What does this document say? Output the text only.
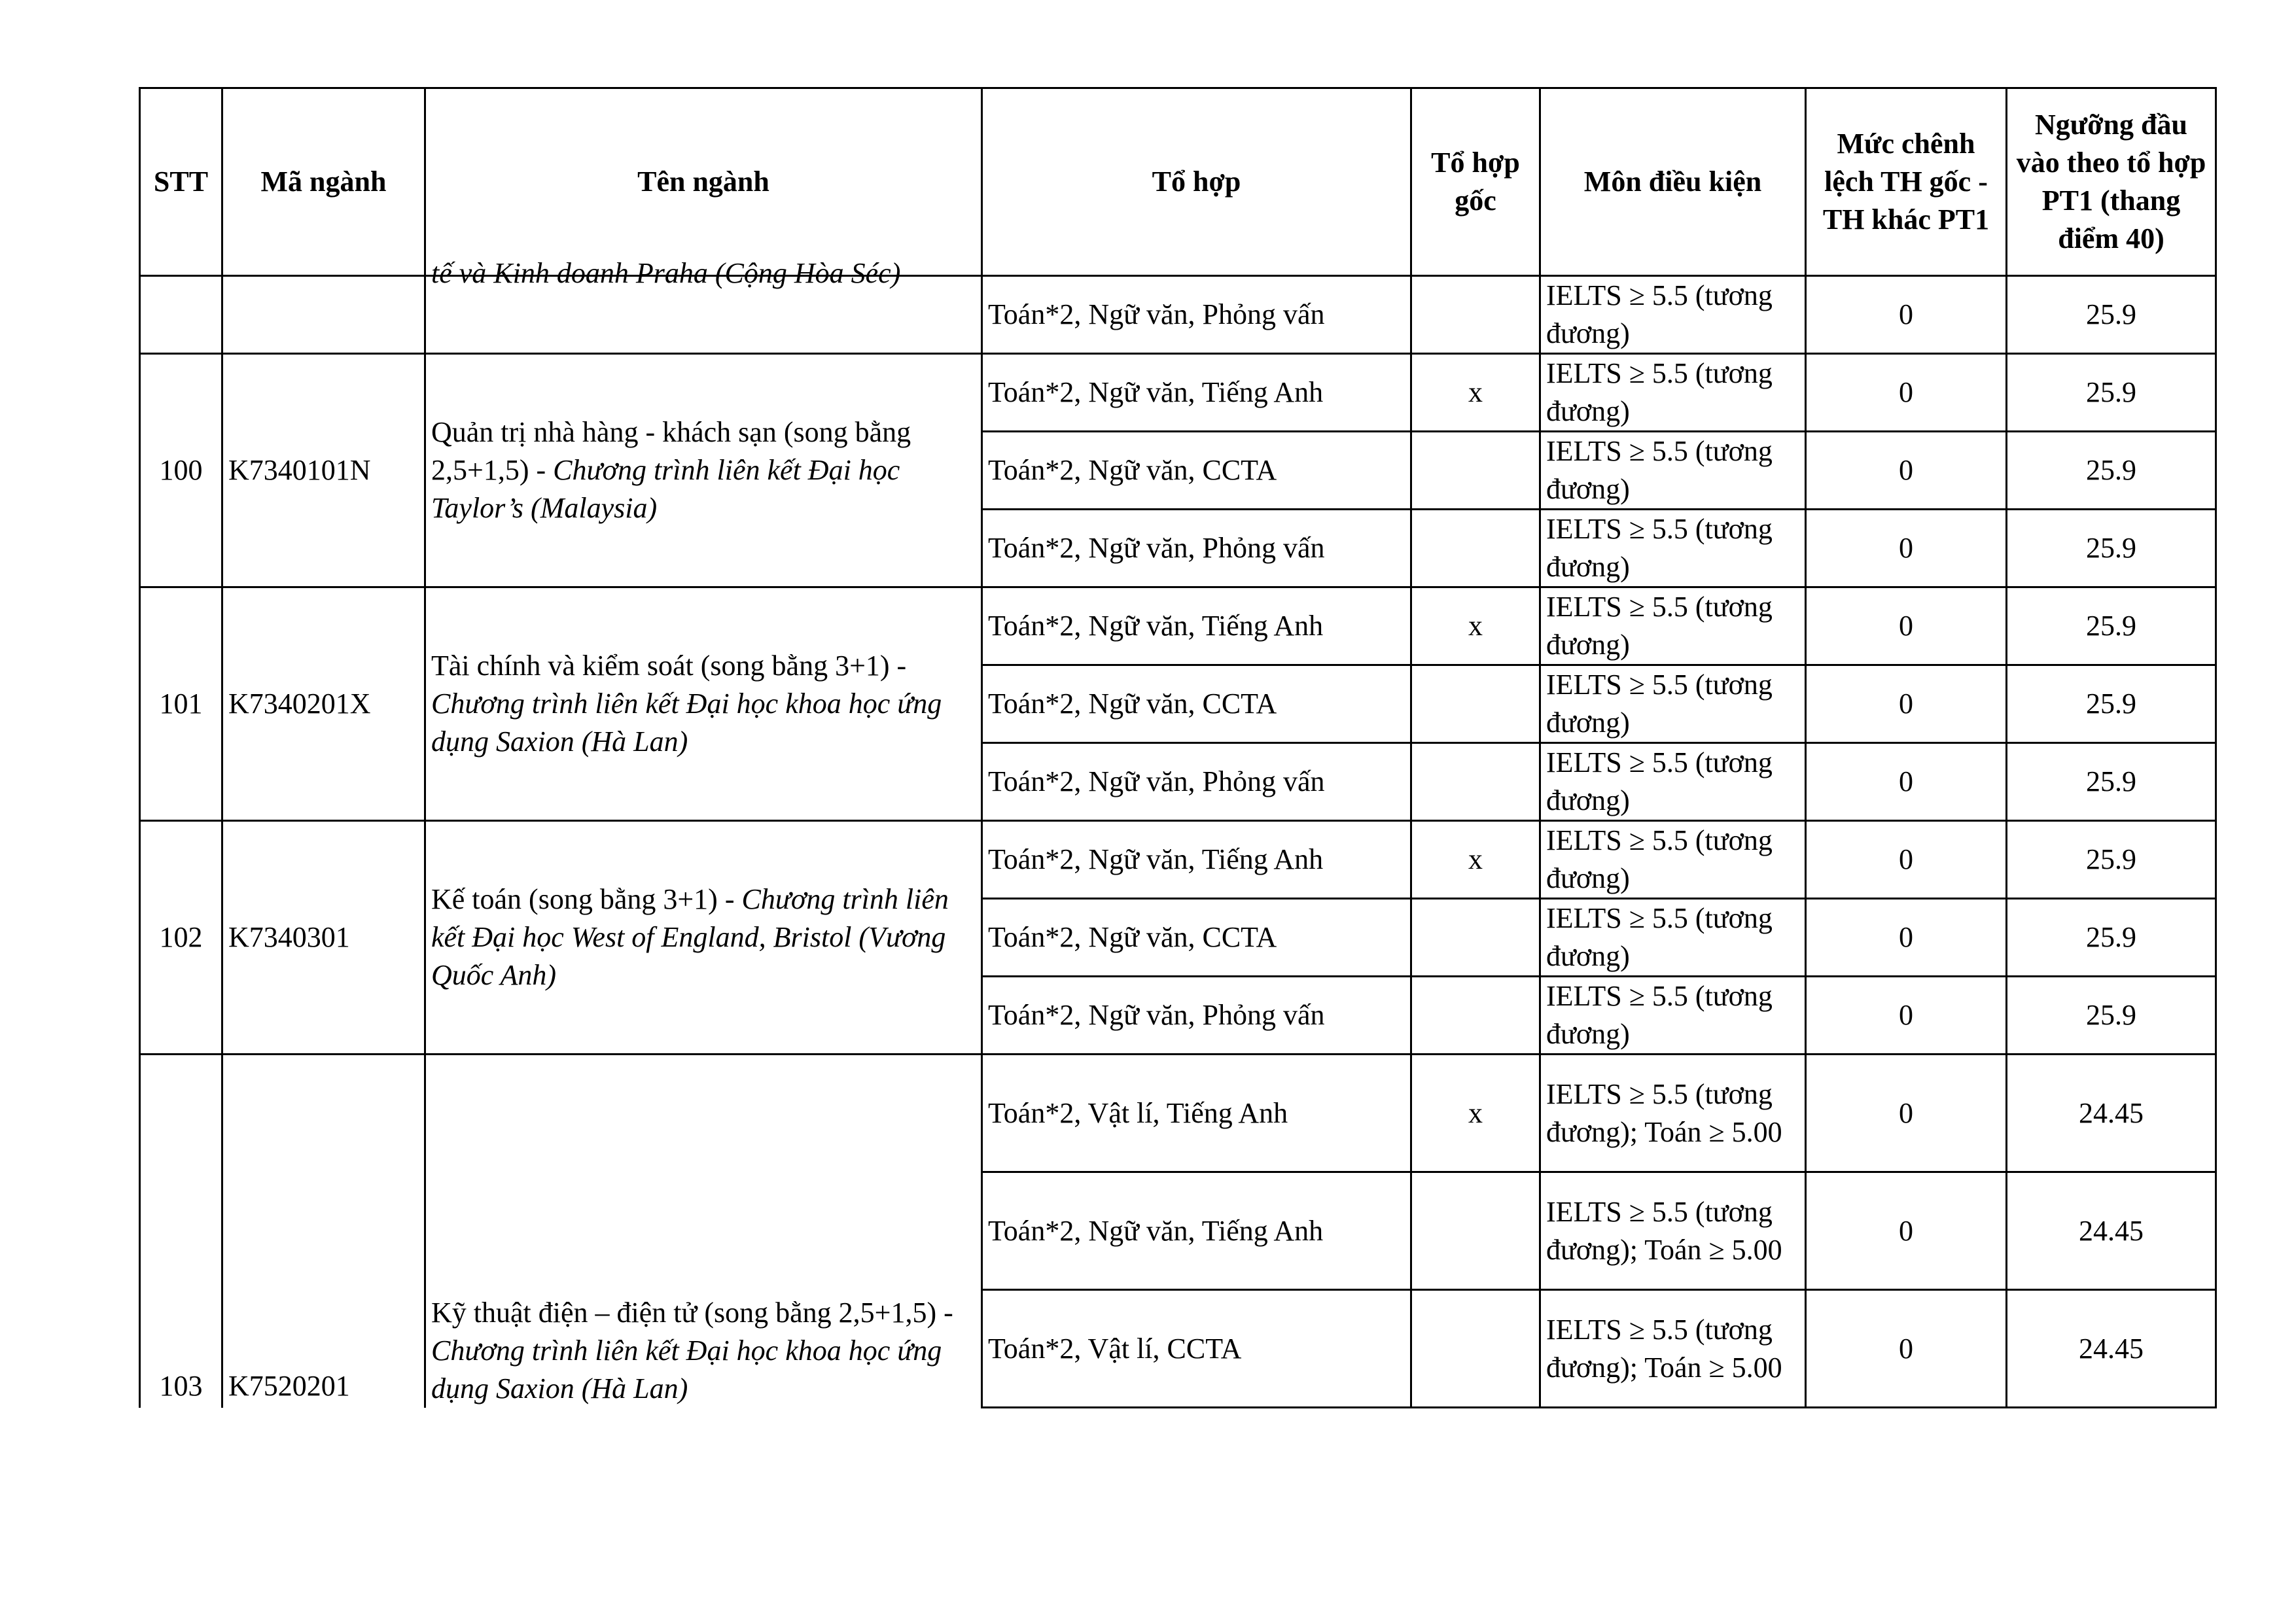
STT	Mã ngành	Tên ngành	Tổ hợp	Tổ hợp gốc	Môn điều kiện	Mức chênh lệch TH gốc - TH khác PT1	Ngưỡng đầu vào theo tổ hợp PT1 (thang điểm 40)

		tế và Kinh doanh Praha (Cộng Hòa Séc)	Toán*2, Ngữ văn, Phỏng vấn		IELTS ≥ 5.5 (tương đương)	0	25.9
100	K7340101N	Quản trị nhà hàng - khách sạn (song bằng 2,5+1,5) - Chương trình liên kết Đại học Taylor’s (Malaysia)	Toán*2, Ngữ văn, Tiếng Anh	x	IELTS ≥ 5.5 (tương đương)	0	25.9
			Toán*2, Ngữ văn, CCTA		IELTS ≥ 5.5 (tương đương)	0	25.9
			Toán*2, Ngữ văn, Phỏng vấn		IELTS ≥ 5.5 (tương đương)	0	25.9
101	K7340201X	Tài chính và kiểm soát (song bằng 3+1) - Chương trình liên kết Đại học khoa học ứng dụng Saxion (Hà Lan)	Toán*2, Ngữ văn, Tiếng Anh	x	IELTS ≥ 5.5 (tương đương)	0	25.9
			Toán*2, Ngữ văn, CCTA		IELTS ≥ 5.5 (tương đương)	0	25.9
			Toán*2, Ngữ văn, Phỏng vấn		IELTS ≥ 5.5 (tương đương)	0	25.9
102	K7340301	Kế toán (song bằng 3+1) - Chương trình liên kết Đại học West of England, Bristol (Vương Quốc Anh)	Toán*2, Ngữ văn, Tiếng Anh	x	IELTS ≥ 5.5 (tương đương)	0	25.9
			Toán*2, Ngữ văn, CCTA		IELTS ≥ 5.5 (tương đương)	0	25.9
			Toán*2, Ngữ văn, Phỏng vấn		IELTS ≥ 5.5 (tương đương)	0	25.9
103	K7520201	Kỹ thuật điện – điện tử (song bằng 2,5+1,5) - Chương trình liên kết Đại học khoa học ứng dụng Saxion (Hà Lan)	Toán*2, Vật lí, Tiếng Anh	x	IELTS ≥ 5.5 (tương đương); Toán ≥ 5.00	0	24.45
			Toán*2, Ngữ văn, Tiếng Anh		IELTS ≥ 5.5 (tương đương); Toán ≥ 5.00	0	24.45
			Toán*2, Vật lí, CCTA		IELTS ≥ 5.5 (tương đương); Toán ≥ 5.00	0	24.45
